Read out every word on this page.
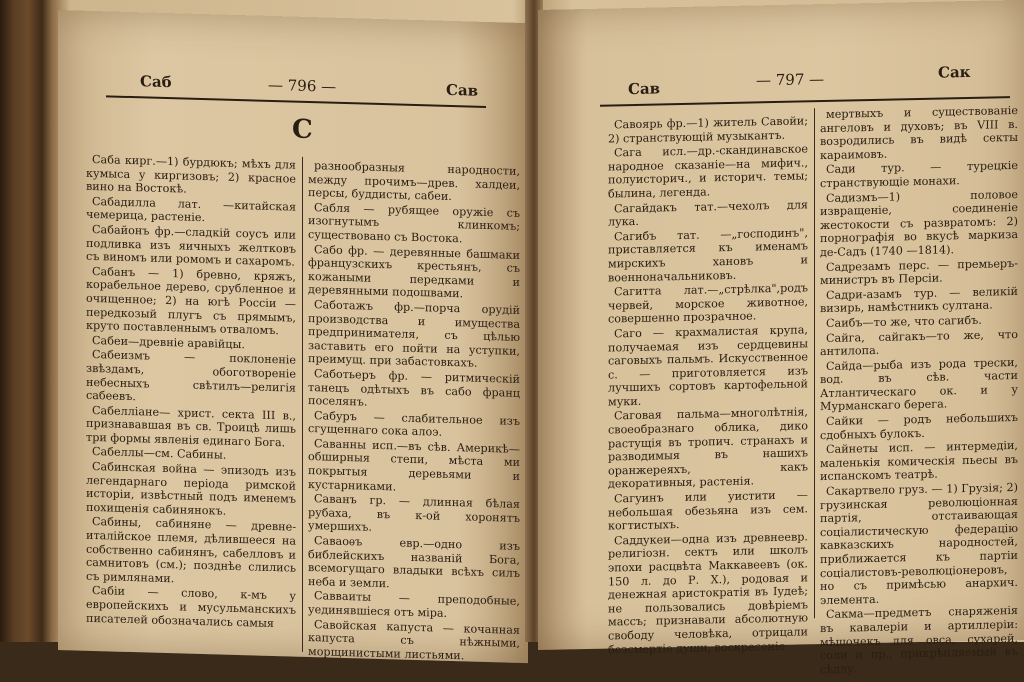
Саб	— 796 —	Сав
С

Саба кирг.—1) бурдюкъ; мѣхъ для кумыса у киргизовъ; 2) красное вино на Востокѣ.

Сабадилла лат. —китайская чемерица, растеніе.

Сабайонъ фр.—сладкій соусъ или подливка изъ яичныхъ желтковъ съ виномъ или ромомъ и сахаромъ.

Сабанъ — 1) бревно, кряжъ, корабельное дерево, срубленное и очищенное; 2) на югѣ Россіи —передкозый плугъ съ прямымъ, круто поставленнымъ отваломъ.

Сабеи—древніе аравійцы.

Сабеизмъ — поклоненіе звѣздамъ, обоготвореніе небесныхъ свѣтилъ—религія сабеевъ.

Сабелліане— христ. секта III в., признававшая въ св. Троицѣ лишь три формы явленія единаго Бога.

Сабеллы—см. Сабины.

Сабинская война — эпизодъ изъ легендарнаго періода римской исторіи, извѣстный подъ именемъ похищенія сабинянокъ.

Сабины, сабиняне — древне-италійское племя, дѣлившееся на собственно сабинянъ, сабелловъ и самнитовъ (см.); позднѣе слились съ римлянами.

Сабіи — слово, к-мъ у европейскихъ и мусульманскихъ писателей обозначались самыя

разнообразныя народности, между прочимъ—древ. халдеи, персы, буддисты, сабеи.

Сабля — рубящее оружіе съ изогнутымъ клинкомъ; существовано съ Востока.

Сабо фр. — деревянные башмаки французскихъ крестьянъ, съ кожаными передками и деревянными подошвами.

Саботажъ фр.—порча орудій производства и имущества предпринимателя, съ цѣлью заставить его пойти на уступки, преимущ. при забастовкахъ.

Саботьеръ фр. — ритмическій танецъ одѣтыхъ въ сабо франц поселянъ.

Сабуръ — слабительное изъ сгущеннаго сока алоэ.

Саванны исп.—въ сѣв. Америкѣ—обширныя степи, мѣста ми покрытыя деревьями и кустарниками.

Саванъ гр. — длинная бѣлая рубаха, въ к-ой хоронятъ умершихъ.

Саваоѳъ евр.—одно изъ библейскихъ названій Бога, всемогущаго владыки всѣхъ силъ неба и земли.

Савваиты — преподобные, уединявшіеся отъ міра.

Савойская капуста — кочанная капуста съ нѣжными, морщинистыми листьями.

Сав	— 797 —	Сак

Савоярь фр.—1) житель Савойи; 2) странствующій музыкантъ.

Сага исл.—др.-скандинавское народное сказаніе—на мифич., полуисторич., и историч. темы; былина, легенда.

Сагайдакъ тат.—чехолъ для лука.

Сагибъ тат. —„господинъ", приставляется къ именамъ мирскихъ хановъ и военноначальниковъ.

Сагитта лат.—„стрѣлка",родъ червей, морское животное, совершенно прозрачное.

Саго — крахмалистая крупа, получаемая изъ сердцевины саговыхъ пальмъ. Искусственное с. — приготовляется изъ лучшихъ сортовъ картофельной муки.

Саговая пальма—многолѣтнія, своеобразнаго облика, дико растущія въ тропич. странахъ и разводимыя въ нашихъ оранжереяхъ, какъ декоративныя, растенія.

Сагуинъ или уистити — небольшая обезьяна изъ сем. когтистыхъ.

Саддукеи—одна изъ древнеевр. религіозн. сектъ или школъ эпохи расцвѣта Маккавеевъ (ок. 150 л. до Р. Х.), родовая и денежная аристократія въ Іудеѣ; не пользовались довѣріемъ массъ; признавали абсолютную свободу человѣка, отрицали безсмертіе души, воскресеніе

мертвыхъ и существованіе ангеловъ и духовъ; въ VIII в. возродились въ видѣ секты караимовъ.

Сади тур. — турецкіе странствующіе монахи.

Садизмъ—1) половое извращеніе, соединеніе жестокости съ развратомъ: 2) порнографія во вкусѣ маркиза де-Садъ (1740 —1814).

Садрезамъ перс. — премьеръ-министръ въ Персіи.

Садри-азамъ тур. — великій визирь, намѣстникъ султана.

Саибъ—то же, что сагибъ.

Сайга, сайгакъ—то же, что антилопа.

Сайда—рыба изъ рода трески, вод. въ сѣв. части Атлантическаго ок. и у Мурманскаго берега.

Сайки — родъ небольшихъ сдобныхъ булокъ.

Сайнеты исп. — интермедіи, маленькія комическія пьесы въ испанскомъ театрѣ.

Сакартвело груз. — 1) Грузія; 2) грузинская революціонная партія, отстаивающая соціалистическую федерацію кавказскихъ народностей, приближается къ партіи соціалистовъ-революціонеровъ, но съ примѣсью анархич. элемента.

Сакма—предметъ снаряженія въ кавалеріи и артиллеріи: мѣшочекъ для овса, сухарей, соли и пр., прикрѣпляемый въ сѣдлу.
